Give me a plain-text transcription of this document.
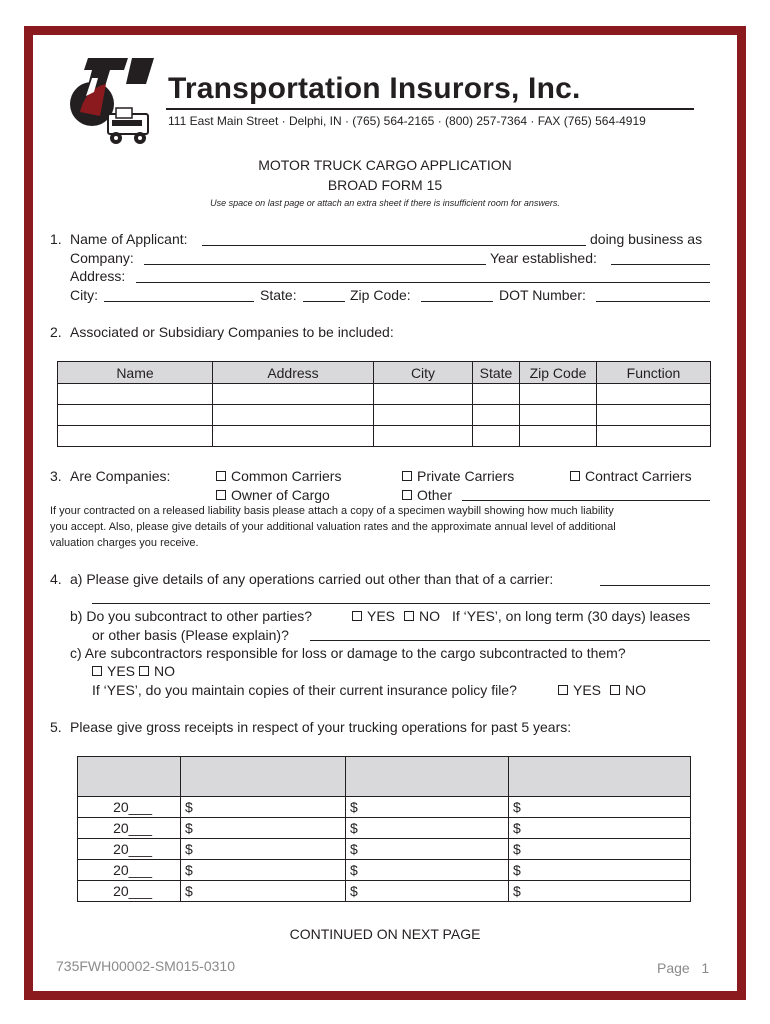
Transportation Insurors, Inc.
111 East Main Street · Delphi, IN · (765) 564-2165 · (800) 257-7364 · FAX (765) 564-4919
MOTOR TRUCK CARGO APPLICATION
BROAD FORM 15
Use space on last page or attach an extra sheet if there is insufficient room for answers.
1. Name of Applicant:	doing business as
Company:	Year established:
Address:
City:	State:	Zip Code:	DOT Number:
2. Associated or Subsidiary Companies to be included:
Name	Address	City	State	Zip Code	Function

3. Are Companies:	Common Carriers	Private Carriers	Contract Carriers
Owner of Cargo	Other
If your contracted on a released liability basis please attach a copy of a specimen waybill showing how much liability
you accept. Also, please give details of your additional valuation rates and the approximate annual level of additional
valuation charges you receive.
4. a) Please give details of any operations carried out other than that of a carrier:
b) Do you subcontract to other parties?	YES	NO If ‘YES’, on long term (30 days) leases
or other basis (Please explain)?
c) Are subcontractors responsible for loss or damage to the cargo subcontracted to them?
YES	NO
If ‘YES’, do you maintain copies of their current insurance policy file?	YES	NO
5. Please give gross receipts in respect of your trucking operations for past 5 years:

20___	$	$	$
20___	$	$	$
20___	$	$	$
20___	$	$	$
20___	$	$	$
CONTINUED ON NEXT PAGE
735FWH00002-SM015-0310	Page 1
